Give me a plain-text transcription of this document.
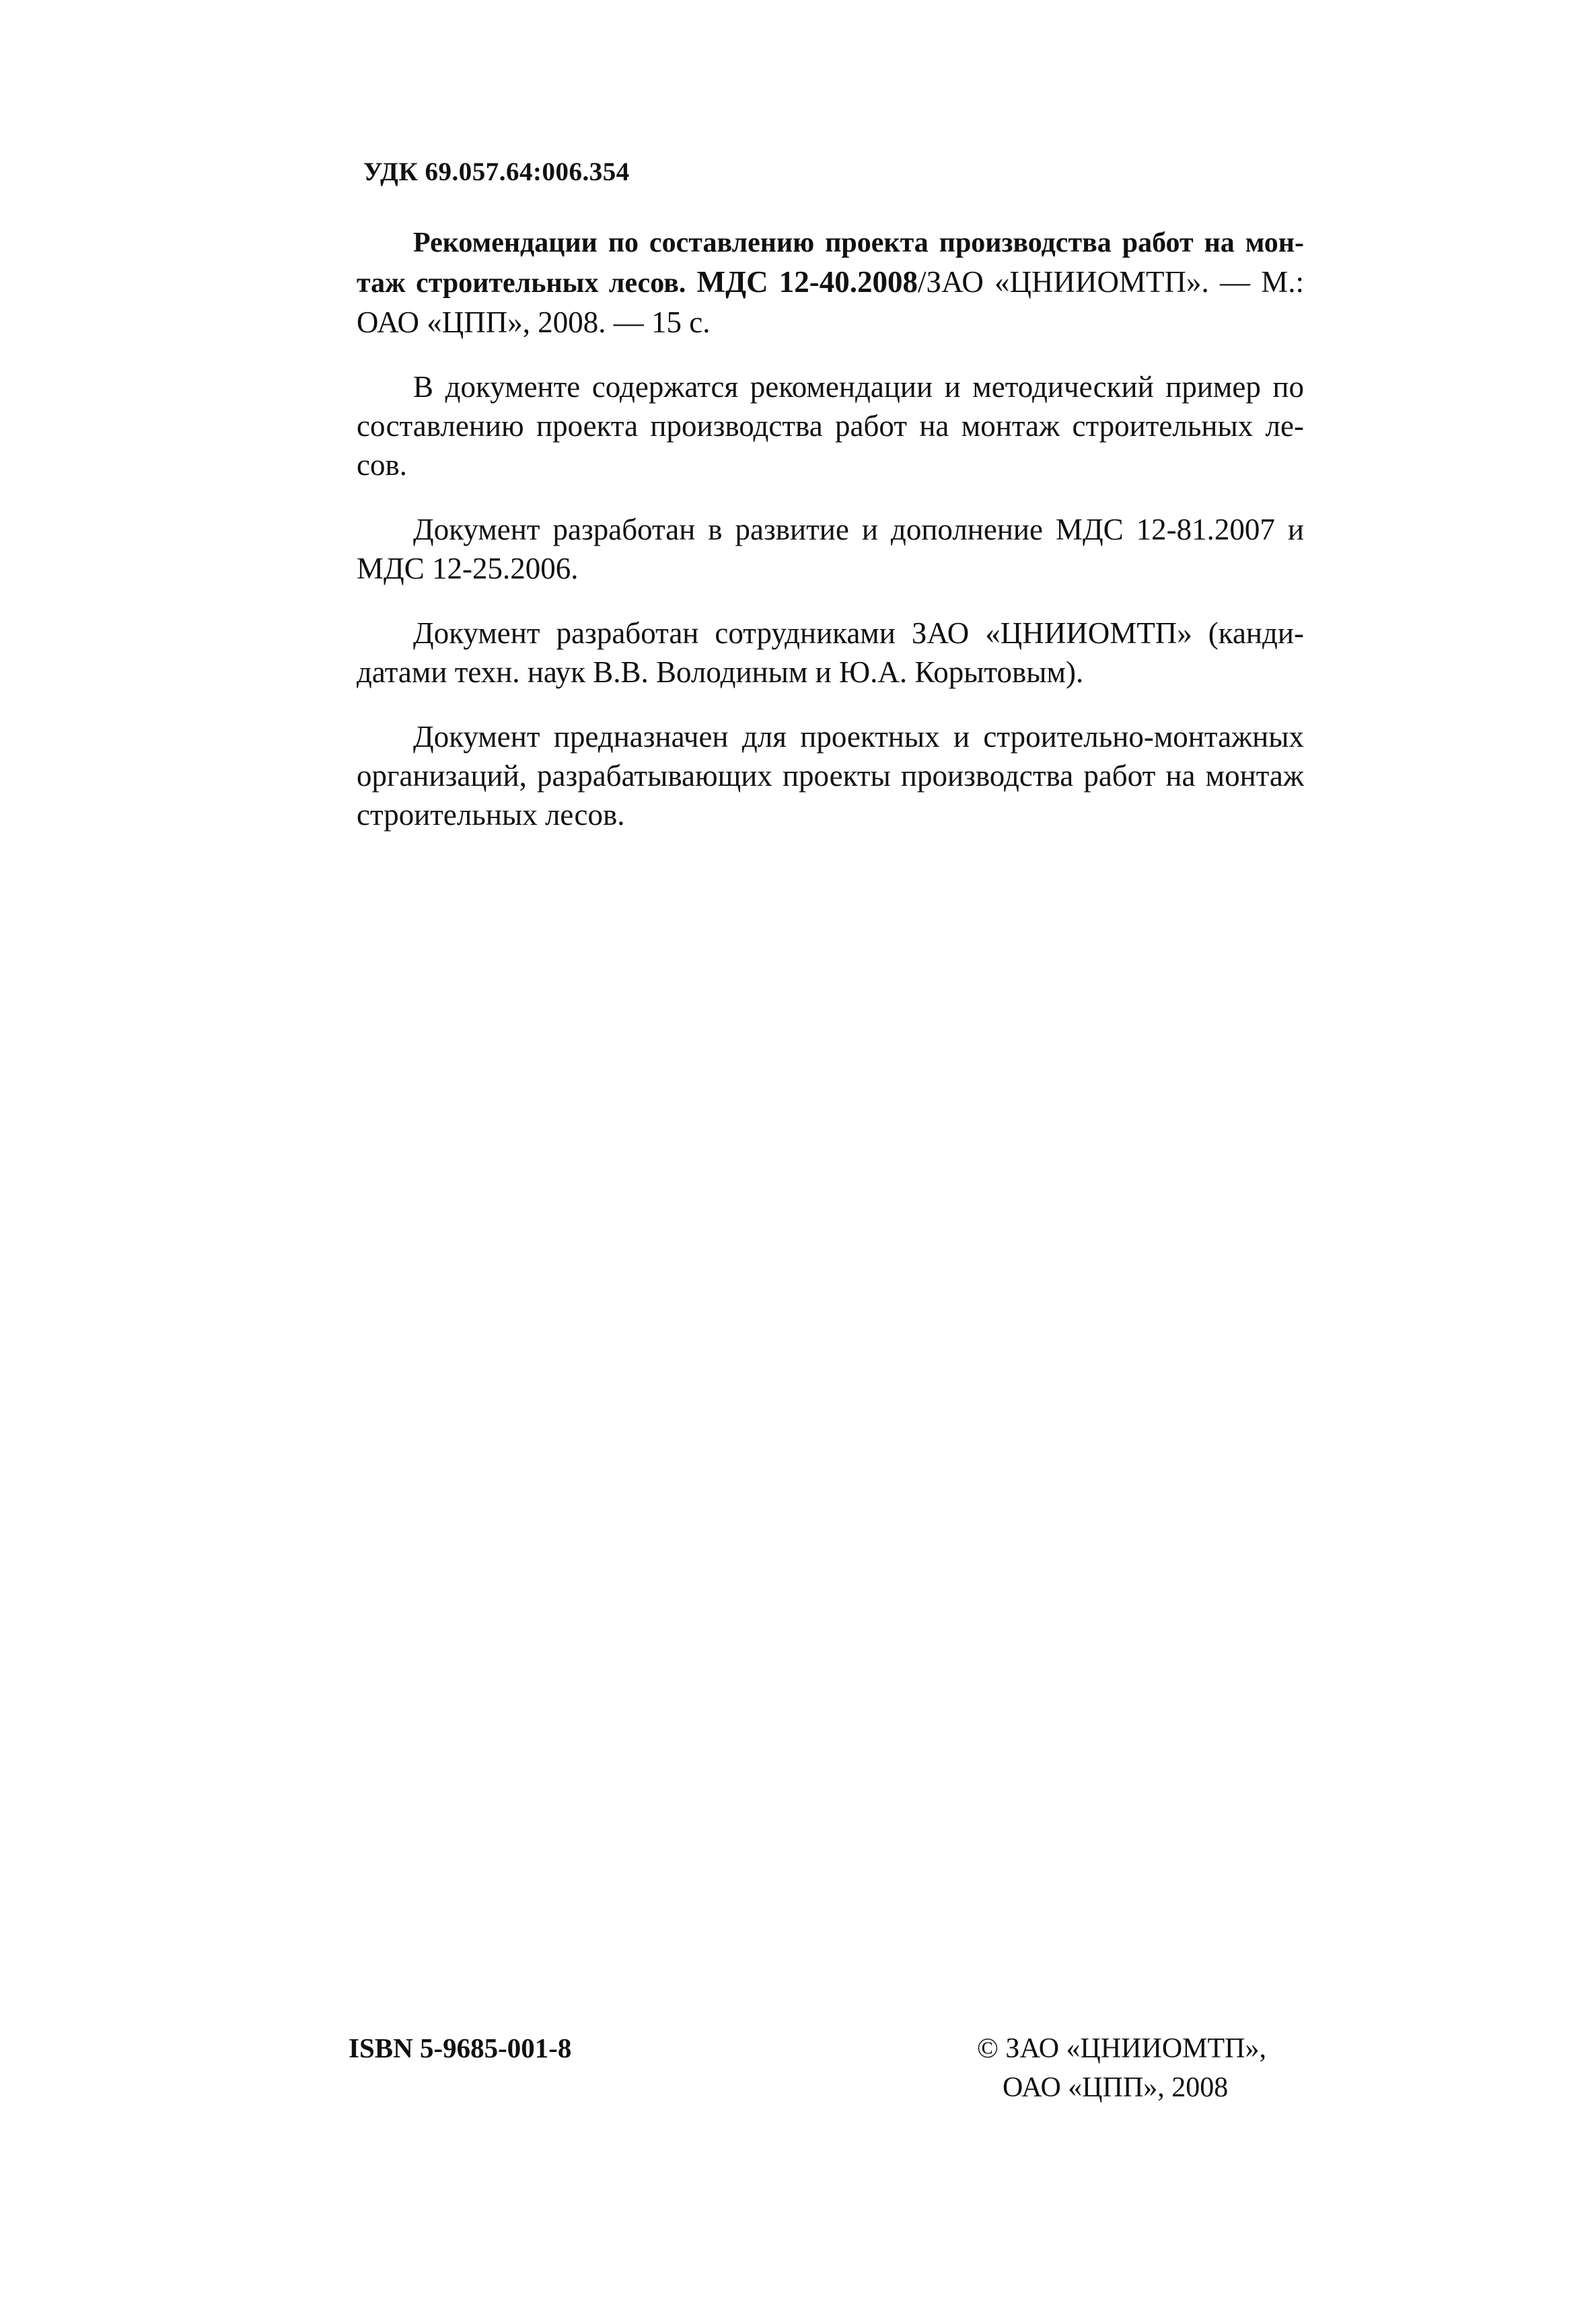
УДК 69.057.64:006.354

Рекомендации по составлению проекта производства работ на монтаж строительных лесов. МДС 12-40.2008/ЗАО «ЦНИИОМТП». — М.: ОАО «ЦПП», 2008. — 15 с.

В документе содержатся рекомендации и методический пример по составлению проекта производства работ на монтаж строительных лесов.

Документ разработан в развитие и дополнение МДС 12-81.2007 и МДС 12-25.2006.

Документ разработан сотрудниками ЗАО «ЦНИИОМТП» (кандидатами техн. наук В.В. Володиным и Ю.А. Корытовым).

Документ предназначен для проектных и строительно-монтажных организаций, разрабатывающих проекты производства работ на монтаж строительных лесов.

ISBN 5-9685-001-8	© ЗАО «ЦНИИОМТП»,
ОАО «ЦПП», 2008
